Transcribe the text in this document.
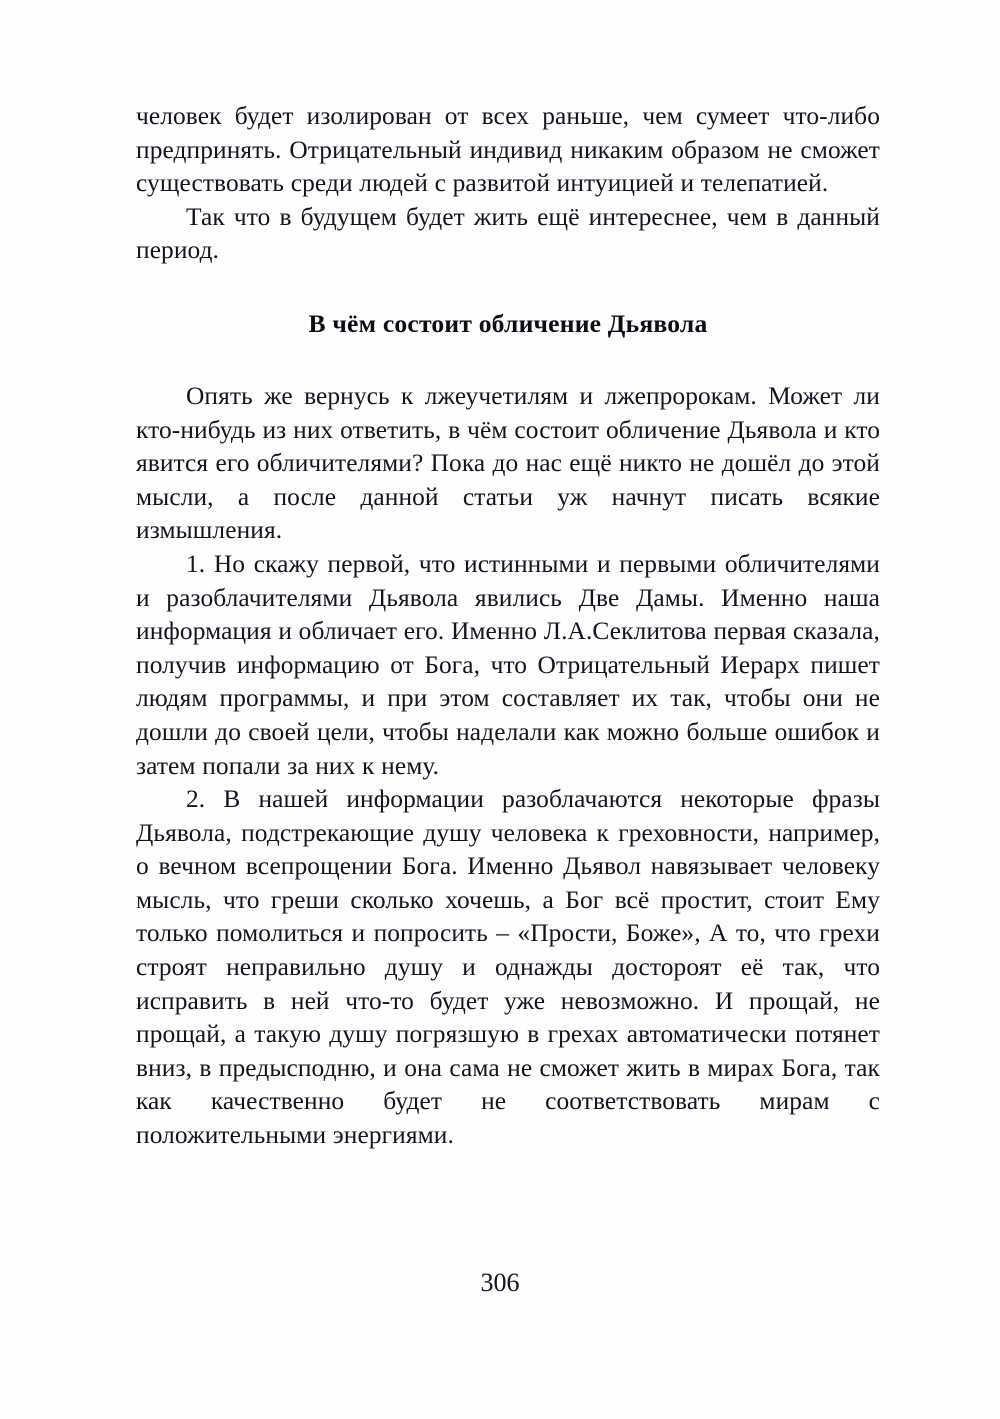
человек будет изолирован от всех раньше, чем сумеет что-либо предпринять. Отрицательный индивид никаким образом не сможет существовать среди людей с развитой интуицией и телепатией.

Так что в будущем будет жить ещё интереснее, чем в данный период.

В чём состоит обличение Дьявола

Опять же вернусь к лжеучетилям и лжепророкам. Может ли кто-нибудь из них ответить, в чём состоит обличение Дьявола и кто явится его обличителями? Пока до нас ещё никто не дошёл до этой мысли, а после данной статьи уж начнут писать всякие измышления.

1. Но скажу первой, что истинными и первыми обличителями и разоблачителями Дьявола явились Две Дамы. Именно наша информация и обличает его. Именно Л.А.Секлитова первая сказала, получив информацию от Бога, что Отрицательный Иерарх пишет людям программы, и при этом составляет их так, чтобы они не дошли до своей цели, чтобы наделали как можно больше ошибок и затем попали за них к нему.

2. В нашей информации разоблачаются некоторые фразы Дьявола, подстрекающие душу человека к греховности, например, о вечном всепрощении Бога. Именно Дьявол навязывает человеку мысль, что греши сколько хочешь, а Бог всё простит, стоит Ему только помолиться и попросить – «Прости, Боже», А то, что грехи строят неправильно душу и однажды достороят её так, что исправить в ней что-то будет уже невозможно. И прощай, не прощай, а такую душу погрязшую в грехах автоматически потянет вниз, в предысподню, и она сама не сможет жить в мирах Бога, так как качественно будет не соответствовать мирам с положительными энергиями.

306
